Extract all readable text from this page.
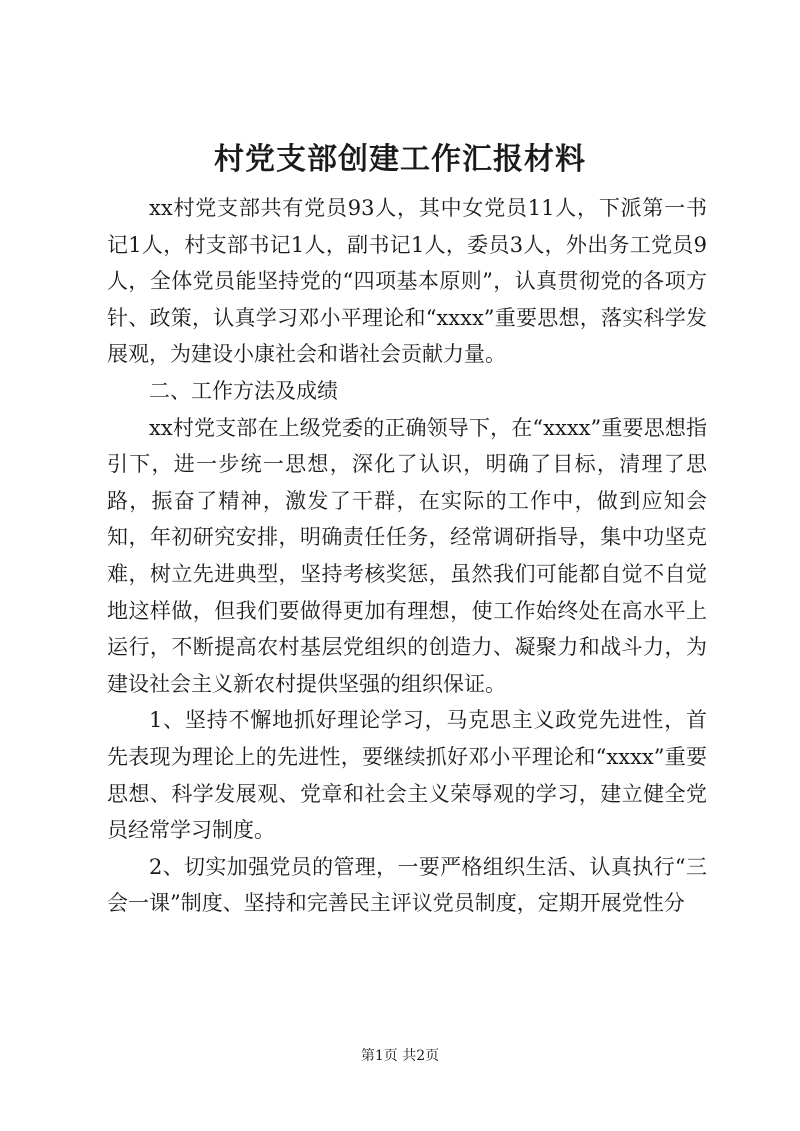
村党支部创建工作汇报材料

xx村党支部共有党员93人，其中女党员11人，下派第一书记1人，村支部书记1人，副书记1人，委员3人，外出务工党员9人，全体党员能坚持党的“四项基本原则”，认真贯彻党的各项方针、政策，认真学习邓小平理论和“xxxx”重要思想，落实科学发展观，为建设小康社会和谐社会贡献力量。

二、工作方法及成绩

xx村党支部在上级党委的正确领导下，在“xxxx”重要思想指引下，进一步统一思想，深化了认识，明确了目标，清理了思路，振奋了精神，激发了干群，在实际的工作中，做到应知会知，年初研究安排，明确责任任务，经常调研指导，集中功坚克难，树立先进典型，坚持考核奖惩，虽然我们可能都自觉不自觉地这样做，但我们要做得更加有理想，使工作始终处在高水平上运行，不断提高农村基层党组织的创造力、凝聚力和战斗力，为建设社会主义新农村提供坚强的组织保证。

1、坚持不懈地抓好理论学习，马克思主义政党先进性，首先表现为理论上的先进性，要继续抓好邓小平理论和“xxxx”重要思想、科学发展观、党章和社会主义荣辱观的学习，建立健全党员经常学习制度。

2、切实加强党员的管理，一要严格组织生活、认真执行“三会一课”制度、坚持和完善民主评议党员制度，定期开展党性分

第1页 共2页
